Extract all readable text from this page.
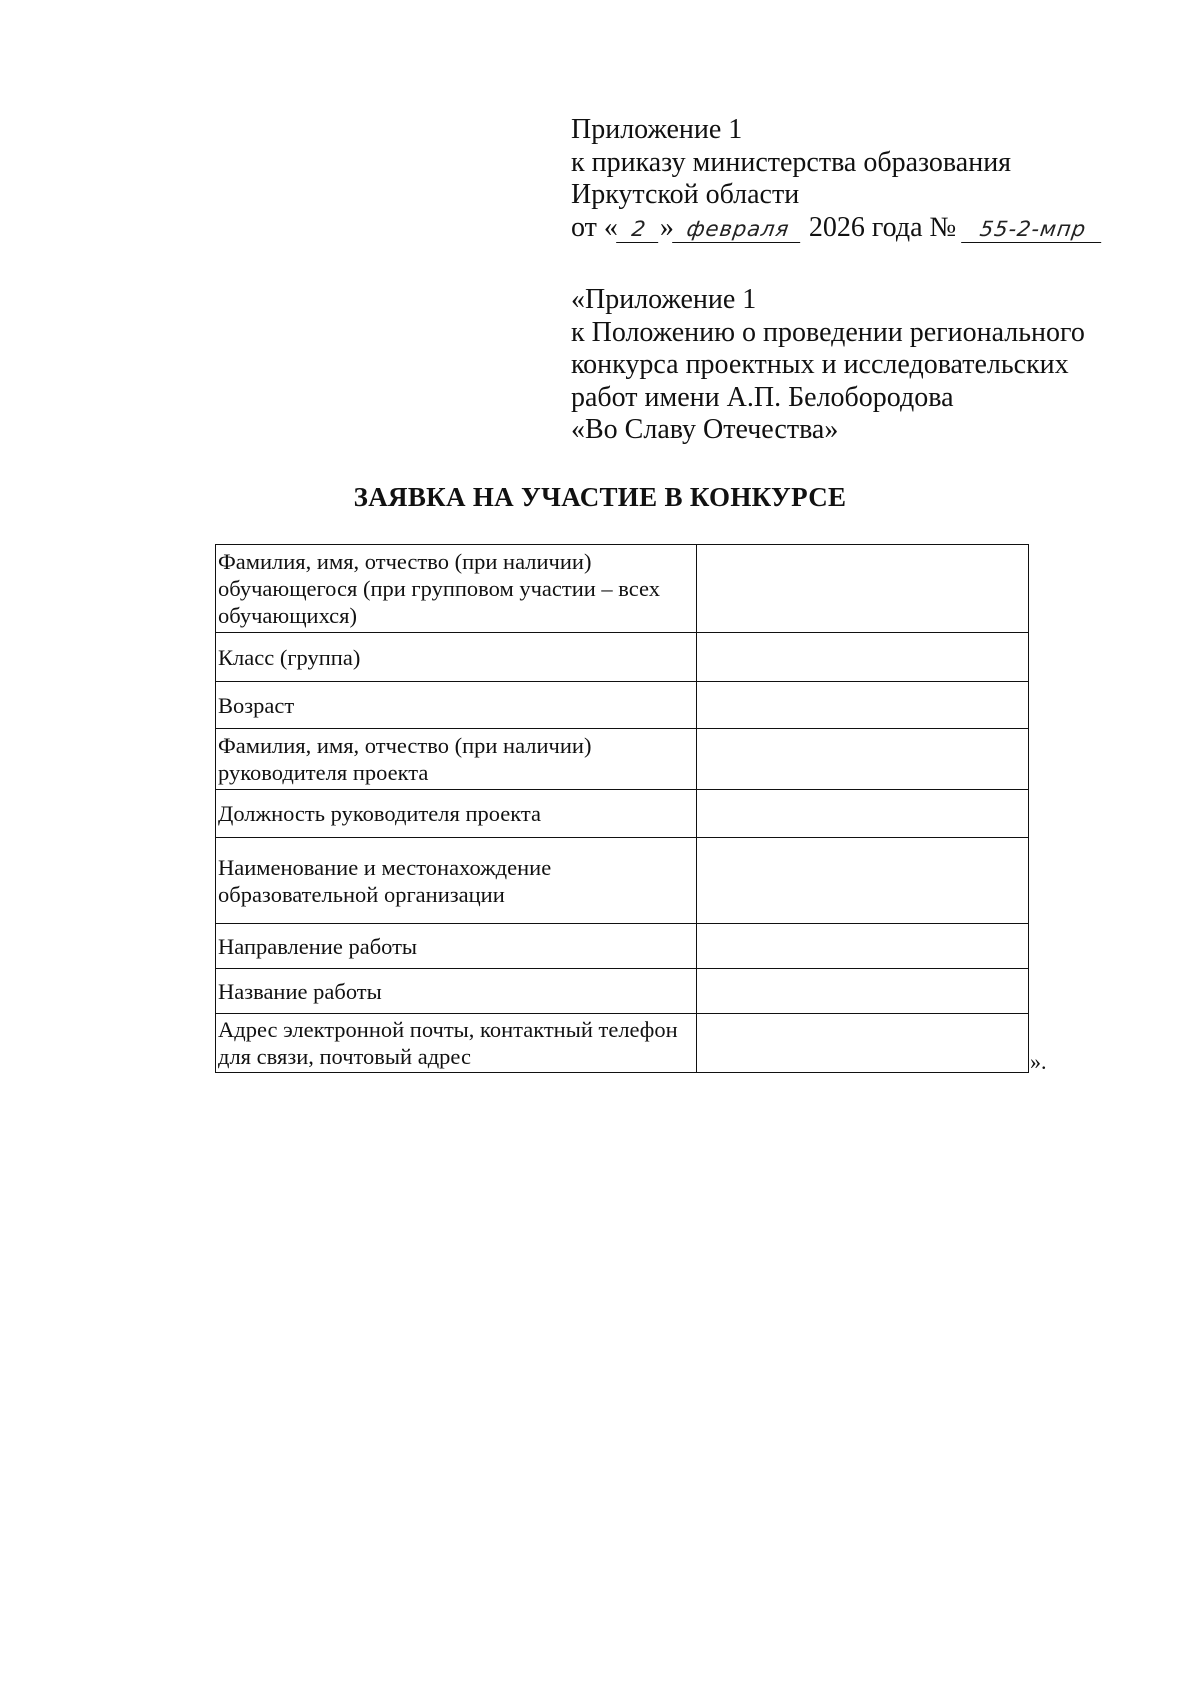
Приложение 1
к приказу министерства образования
Иркутской области
от « 2 » февраля 2026 года № 55-2-мпр
«Приложение 1
к Положению о проведении регионального
конкурса проектных и исследовательских
работ имени А.П. Белобородова
«Во Славу Отечества»
ЗАЯВКА НА УЧАСТИЕ В КОНКУРСЕ
Фамилия, имя, отчество (при наличии) обучающегося (при групповом участии – всех обучающихся)	
Класс (группа)	
Возраст	
Фамилия, имя, отчество (при наличии) руководителя проекта	
Должность руководителя проекта	
Наименование и местонахождение образовательной организации	
Направление работы	
Название работы	
Адрес электронной почты, контактный телефон для связи, почтовый адрес		».
